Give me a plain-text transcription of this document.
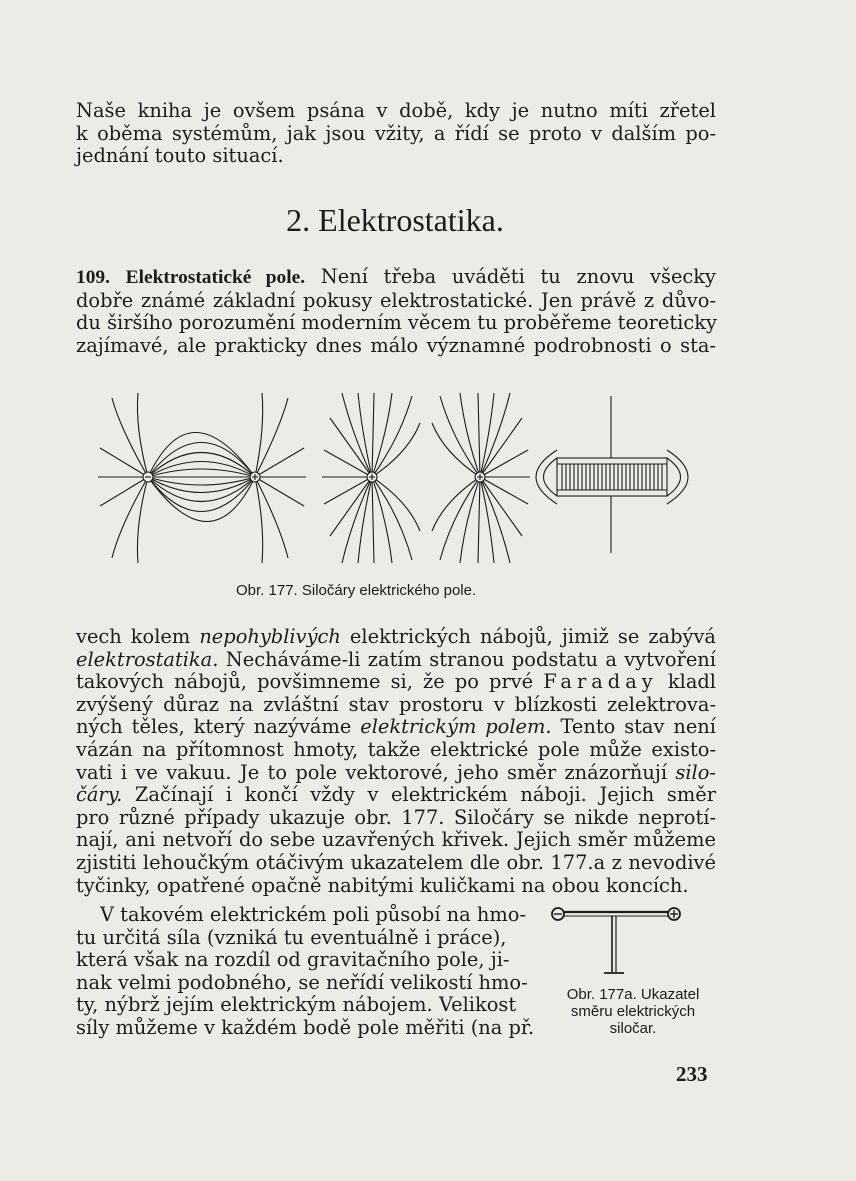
Naše kniha je ovšem psána v době, kdy je nutno míti zřetel
k oběma systémům, jak jsou vžity, a řídí se proto v dalším po-
jednání touto situací.
2. Elektrostatika.
109. Elektrostatické pole. Není třeba uváděti tu znovu všecky
dobře známé základní pokusy elektrostatické. Jen právě z důvo-
du širšího porozumění moderním věcem tu proběřeme teoreticky
zajímavé, ale prakticky dnes málo významné podrobnosti o sta-
Obr. 177. Siločáry elektrického pole.
vech kolem nepohyblivých elektrických nábojů, jimiž se zabývá
elektrostatika. Necháváme-li zatím stranou podstatu a vytvoření
takových nábojů, povšimneme si, že po prvé Faraday kladl
zvýšený důraz na zvláštní stav prostoru v blízkosti zelektrova-
ných těles, který nazýváme elektrickým polem. Tento stav není
vázán na přítomnost hmoty, takže elektrické pole může existo-
vati i ve vakuu. Je to pole vektorové, jeho směr znázorňují silo-
čáry. Začínají i končí vždy v elektrickém náboji. Jejich směr
pro různé případy ukazuje obr. 177. Siločáry se nikde neprotí-
nají, ani netvoří do sebe uzavřených křivek. Jejich směr můžeme
zjistiti lehoučkým otáčivým ukazatelem dle obr. 177.a z nevodivé
tyčinky, opatřené opačně nabitými kuličkami na obou koncích.
V takovém elektrickém poli působí na hmo-
tu určitá síla (vzniká tu eventuálně i práce),
která však na rozdíl od gravitačního pole, ji-
nak velmi podobného, se neřídí velikostí hmo-
ty, nýbrž jejím elektrickým nábojem. Velikost
síly můžeme v každém bodě pole měřiti (na př.
Obr. 177a. Ukazatel
směru elektrických
siločar.
233
